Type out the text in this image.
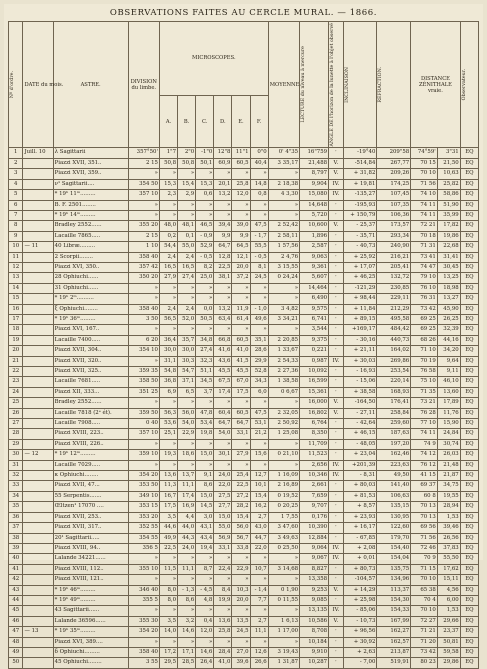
OBSERVATIONS FAITES AU CERCLE MURAL. — 1866.
Nº d'ordre.	DATE du mois.	ASTRE.	DIVISION du limbe.	MICROSCOPES.						MOYENNE.	LECTURE du niveau à mercure	ANGLE DE l'horizon de la lunette à l'objet observé	INCLINAISON	RÉFRACTION.	DISTANCE ZÉNITHALE vraie.		Observateur.

				A.	B.	C.	D.	E.	F.								
1	Juill. 10	λ Sagittarii	357°50'	1"7	2"0	-1"0	12"8	11"1	0"0	0' 4"35	16"759	·	-19°40	209"58	74°59'	3"31	EQ
2		Piazzi XVII, 351..	2 15	50,8	50,8	50,1	60,9	60,5	40,4	3 35,17	21,488	V.	-514,84	267,77	70 15	21,50	EQ
3		Piazzi XVII, 359..	»	»	»	»	»	»	»	»	8,797	V.	+ 31,82	209,26	70 10	10,63	EQ
4		ν¹ Sagittarii....	354 50	15,3	15,4	15,3	20,1	25,8	14,8	2 18,38	9,904	IV.	+ 19,81	174,25	71 56	25,82	EQ
5		* 19ʰ 11ᵐ.........	357 10	2,3	2,9	0,6	13,2	12,0	0,8	4 3,30	15,080	IV.	-135,27	107,45	74 10	58,86	EQ
6		B. F. 2501........	»	»	»	»	»	»	»	»	14,648	·	-195,93	107,35	74 11	51,90	EQ
7		* 19ʰ 14ᵐ.........	»	»	»	»	»	»	»	»	5,720	·	+ 150,79	106,36	74 11	35,99	EQ
8		Bradley 2552......	355 20	48,0	48,1	46,5	39,4	39,0	47,5	2 52,42	10,600	V.	- 25,37	173,57	72 21	17,82	EQ
9		Lacaille 7865.....	2 15	0,2	0,1	- 0,9	9,9	9,9	- 1,7	2 58,11	1,896	·	- 35,71	293,34	70 18	19,86	EQ
10	— 11	40 Libræ.........	1 10	54,4	55,0	52,9	64,7	64,5	55,5	1 57,56	2,587	·	- 40,73	240,90	71 31	22,68	EQ
11		2 Scorpii........	358 40	2,4	2,4	- 0,5	12,8	12,1	- 0,5	2 4,76	9,063	·	+ 25,92	216,21	73 41	31,41	EQ
12		Piazzi XVI, 350..	357 42	16,5	16,5	8,2	22,5	20,0	8,1	3 15,55	9,361	·	+ 17,07	205,41	74 47	30,45	EQ
13		28 Ophiuchi......	350 20	27,9	27,4	25,0	38,1	37,2	24,5	0 24,24	5,607	·	+ 46,25	132,72	79 10	13,25	EQ
14		31 Ophiuchi......	»	»	»	»	»	»	»	»	14,464	·	-121,29	230,85	76 10	18,98	EQ
15		* 19ʰ 2ᵐ..........	»	»	»	»	»	»	»	»	6,490	·	+ 98,44	229,11	76 31	13,27	EQ
16		ξ Ophiuchi........	358 40	2,4	2,4	0,0	13,2	11,9	- 1,0	3 4,82	9,575	·	+ 11,84	212,29	73 42	45,90	EQ
17		* 19ʰ 36ᵐ.........	3 50	56,5	52,0	50,5	63,4	61,4	49,6	3 34,21	6,741	·	+ 89,15	495,58	69 25	26,25	EQ
18		Piazzi XVI, 167..	»	»	»	»	»	»	»	»	3,544	·	+169,17	484,42	69 25	32,39	EQ
19		Lacaille 7400.....	6 20	36,4	35,7	34,8	66,8	60,5	35,1	2 20,85	9,375	·	- 30,16	440,73	68 26	44,16	EQ
20		Piazzi XVII, 304..	354 10	30,0	30,0	27,4	41,6	41,0	28,6	1 33,67	0,221	·	+ 21,11	164,02	71 10	34,20	EQ
21		Piazzi XVII, 320..	»	31,1	30,3	32,3	43,6	41,5	29,9	2 54,33	0,987	IV.	+ 30,03	269,86	70 19	9,64	EQ
22		Piazzi XVII, 325..	359 35	54,8	54,7	51,1	45,5	45,5	52,8	2 27,36	10,092	·	- 16,93	253,54	76 58	9,11	EQ
23		Lacaille 7681.....	358 50	36,8	37,1	34,5	67,5	67,0	34,3	1 38,58	16,599	·	- 15,06	220,14	75 10	46,10	EQ
24		Piazzi XII, 333...	351 25	6,9	6,5	3,7	17,4	17,5	6,0	0 6,67	15,361	·	+ 38,58	168,93	71 35	13,60	EQ
25		Bradley 2552......	»	»	»	»	»	»	»	»	16,000	V.	-164,50	176,41	73 21	17,89	EQ
26		Lacaille 7818 (2ᵉ ét).	359 50	56,3	56,0	47,8	60,4	60,5	47,5	2 32,05	16,802	V.	- 27,11	258,84	76 28	11,76	EQ
27		Lacaille 7908.....	0 40	53,6	54,0	53,4	64,7	64,7	53,1	2 50,92	6,764	·	- 42,64	259,60	77 10	15,90	EQ
28		Piazzi XVIII, 223..	357 10	25,1	22,9	19,8	54,0	33,1	21,2	1 25,08	8,350	·	+ 46,15	187,63	74 11	24,84	EQ
29		Piazzi XVIII, 226..	»	»	»	»	»	»	»	»	11,709	·	- 48,05	197,20	74 9	30,74	EQ
30	— 12	* 19ʰ 12ᵐ.........	359 10	19,3	18,6	15,0	30,1	27,9	15,6	0 21,10	11,523	·	+ 23,04	162,46	74 12	26,03	EQ
31		Lacaille 7029.....	»	»	»	»	»	»	»	»	2,656	IV.	+201,39	223,63	76 12	21,48	EQ
32		κ Ophiuchi........	354 20	13,6	13,7	9,1	24,0	25,4	12,7	1 16,09	10,346	IV.	- 8,31	49,50	41 15	21,87	EQ
33		Piazzi XVII, 47...	353 50	11,3	11,1	8,6	22,0	22,5	10,1	2 16,89	2,661	·	+ 80,03	141,40	69 37	34,75	EQ
34		55 Serpentis.......	349 10	16,7	17,4	15,0	27,5	27,2	15,4	0 19,52	7,659	·	+ 81,53	106,63	60 8	19,55	EQ
35		Œltzen¹ 17070 ....	353 15	17,5	16,9	14,5	27,7	28,2	16,2	0 20,25	9,707	·	+ 8,57	135,15	70 13	28,94	EQ
36		Piazzi XVII, 253..	353 20	3,5	4,4	3,0	15,0	15,4	2,7	1 7,55	0,176	·	+ 23,93	130,95	70 13	1,53	EQ
37		Piazzi XVII, 317..	352 55	44,6	44,0	43,1	55,0	56,0	43,0	3 47,60	10,390	·	+ 16,17	122,60	69 56	39,46	EQ
38		20¹ Sagittarii.....	354 55	49,9	44,3	43,4	56,9	56,7	44,7	3 49,63	12,884	·	- 67,85	179,70	71 56	26,56	EQ
39		Piazzi XVIII, 94..	356 5	22,5	24,0	19,4	33,1	33,8	22,0	0 25,50	9,064	IV.	+ 2,08	154,40	72 46	37,83	EQ
40		Lalande 34221......	»	»	»	»	»	»	»	»	9,067	IV.	+ 0,01	154,04	70 9	55,50	EQ
41		Piazzi XVIII, 112..	355 10	11,5	11,1	8,7	22,4	22,9	10,7	3 14,68	8,827	·	+ 80,73	135,75	71 15	17,62	EQ
42		Piazzi XVIII, 121..	»	»	»	»	»	»	»	»	13,358	·	-104,57	134,96	70 10	15,11	EQ
43		* 19ʰ 46ᵐ.........	346 40	8,0	- 1,3	- 4,5	8,4	10,3	- 1,4	0 1,90	9,253	V.	+ 14,29	113,37	65 38	4,56	EQ
44		* 19ʰ 49ᵐ.........	355 5	8,0	8,6	4,8	19,9	20,0	7,7	0 11,55	9,085	·	+ 25,98	154,30	70 4	6,00	EQ
45		43 Sagittarii......	»	»	»	»	»	»	»	»	13,135	IV.	- 85,06	154,33	70 10	1,53	EQ
46		Lalande 36596......	355 30	3,5	3,2	0,4	13,6	13,5	2,7	1 6,13	10,586	V.	- 10,73	167,99	72 27	29,66	EQ
47	— 13	* 19ʰ 35ᵐ.........	354 20	14,0	14,6	12,0	25,8	24,5	11,1	1 17,00	8,708	·	+ 96,56	162,27	71 21	23,37	EQ
48		Piazzi XVI, 389....	»	»	»	»	»	»	»	»	10,184	·	+ 30,92	162,57	71 20	50,81	EQ
49		δ Ophiuchi.........	358 40	17,2	17,1	14,6	28,4	27,0	12,6	3 19,43	9,910	·	+ 2,63	213,87	73 42	59,58	EQ
50		45 Ophiuchi........	3 55	29,5	28,5	26,4	41,0	39,6	26,6	1 31,87	10,287	·	- 7,00	519,91	80 23	29,86	EQ
